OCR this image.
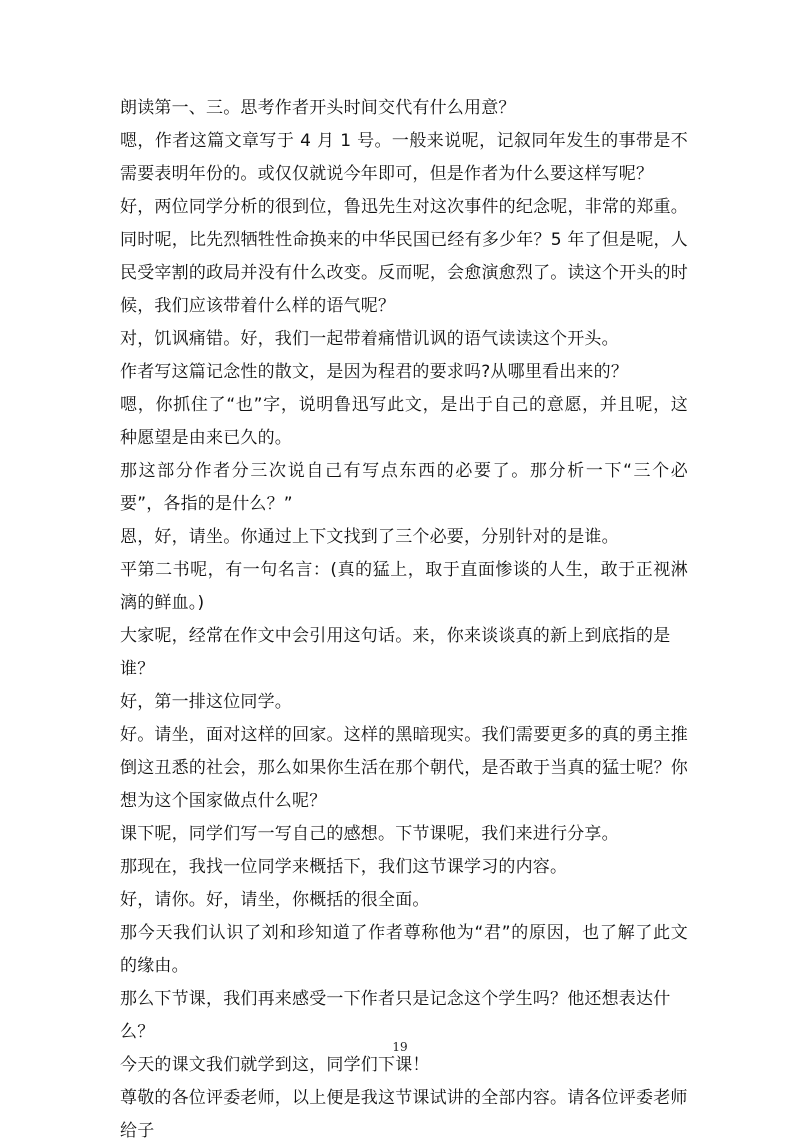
朗读第一、三。思考作者开头时间交代有什么用意？

嗯，作者这篇文章写于 4 月 1 号。一般来说呢，记叙同年发生的事带是不需要表明年份的。或仅仅就说今年即可，但是作者为什么要这样写呢？

好，两位同学分析的很到位，鲁迅先生对这次事件的纪念呢，非常的郑重。同时呢，比先烈牺牲性命换来的中华民国已经有多少年？5 年了但是呢，人民受宰割的政局并没有什么改变。反而呢，会愈演愈烈了。读这个开头的时候，我们应该带着什么样的语气呢？

对，饥讽痛错。好，我们一起带着痛惜讥讽的语气读读这个开头。

作者写这篇记念性的散文，是因为程君的要求吗?从哪里看出来的？

嗯，你抓住了“也”字，说明鲁迅写此文，是出于自己的意愿，并且呢，这种愿望是由来已久的。

那这部分作者分三次说自己有写点东西的必要了。那分析一下“三个必要”，各指的是什么？”

恩，好，请坐。你通过上下文找到了三个必要，分别针对的是谁。

平第二书呢，有一句名言：(真的猛上，取于直面惨谈的人生，敢于正视淋漓的鲜血。)

大家呢，经常在作文中会引用这句话。来，你来谈谈真的新上到底指的是谁？

好，第一排这位同学。

好。请坐，面对这样的回家。这样的黑暗现实。我们需要更多的真的勇主推倒这丑悉的社会，那么如果你生活在那个朝代，是否敢于当真的猛士呢？你想为这个国家做点什么呢？

课下呢，同学们写一写自己的感想。下节课呢，我们来进行分享。

那现在，我找一位同学来概括下，我们这节课学习的内容。

好，请你。好，请坐，你概括的很全面。

那今天我们认识了刘和珍知道了作者尊称他为“君”的原因，也了解了此文的缘由。

那么下节课，我们再来感受一下作者只是记念这个学生吗？他还想表达什么？

今天的课文我们就学到这，同学们下课！

尊敬的各位评委老师，以上便是我这节课试讲的全部内容。请各位评委老师给子

19
